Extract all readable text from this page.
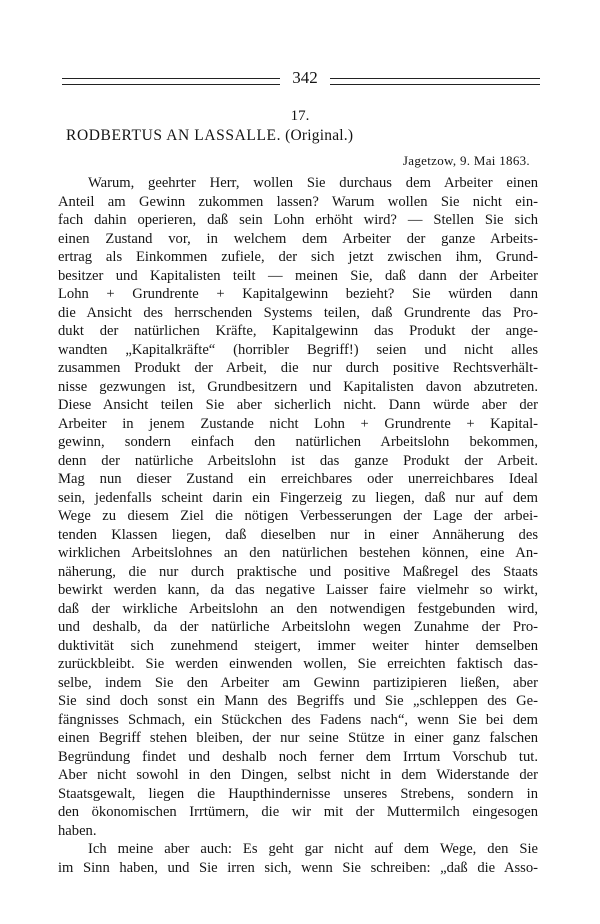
342
17.
RODBERTUS AN LASSALLE. (Original.)
Jagetzow, 9. Mai 1863.
Warum, geehrter Herr, wollen Sie durchaus dem Arbeiter einen
Anteil am Gewinn zukommen lassen? Warum wollen Sie nicht ein-
fach dahin operieren, daß sein Lohn erhöht wird? — Stellen Sie sich
einen Zustand vor, in welchem dem Arbeiter der ganze Arbeits-
ertrag als Einkommen zufiele, der sich jetzt zwischen ihm, Grund-
besitzer und Kapitalisten teilt — meinen Sie, daß dann der Arbeiter
Lohn + Grundrente + Kapitalgewinn bezieht? Sie würden dann
die Ansicht des herrschenden Systems teilen, daß Grundrente das Pro-
dukt der natürlichen Kräfte, Kapitalgewinn das Produkt der ange-
wandten „Kapitalkräfte“ (horribler Begriff!) seien und nicht alles
zusammen Produkt der Arbeit, die nur durch positive Rechtsverhält-
nisse gezwungen ist, Grundbesitzern und Kapitalisten davon abzutreten.
Diese Ansicht teilen Sie aber sicherlich nicht. Dann würde aber der
Arbeiter in jenem Zustande nicht Lohn + Grundrente + Kapital-
gewinn, sondern einfach den natürlichen Arbeitslohn bekommen,
denn der natürliche Arbeitslohn ist das ganze Produkt der Arbeit.
Mag nun dieser Zustand ein erreichbares oder unerreichbares Ideal
sein, jedenfalls scheint darin ein Fingerzeig zu liegen, daß nur auf dem
Wege zu diesem Ziel die nötigen Verbesserungen der Lage der arbei-
tenden Klassen liegen, daß dieselben nur in einer Annäherung des
wirklichen Arbeitslohnes an den natürlichen bestehen können, eine An-
näherung, die nur durch praktische und positive Maßregel des Staats
bewirkt werden kann, da das negative Laisser faire vielmehr so wirkt,
daß der wirkliche Arbeitslohn an den notwendigen festgebunden wird,
und deshalb, da der natürliche Arbeitslohn wegen Zunahme der Pro-
duktivität sich zunehmend steigert, immer weiter hinter demselben
zurückbleibt. Sie werden einwenden wollen, Sie erreichten faktisch das-
selbe, indem Sie den Arbeiter am Gewinn partizipieren ließen, aber
Sie sind doch sonst ein Mann des Begriffs und Sie „schleppen des Ge-
fängnisses Schmach, ein Stückchen des Fadens nach“, wenn Sie bei dem
einen Begriff stehen bleiben, der nur seine Stütze in einer ganz falschen
Begründung findet und deshalb noch ferner dem Irrtum Vorschub tut.
Aber nicht sowohl in den Dingen, selbst nicht in dem Widerstande der
Staatsgewalt, liegen die Haupthindernisse unseres Strebens, sondern in
den ökonomischen Irrtümern, die wir mit der Muttermilch eingesogen
haben.
Ich meine aber auch: Es geht gar nicht auf dem Wege, den Sie
im Sinn haben, und Sie irren sich, wenn Sie schreiben: „daß die Asso-
